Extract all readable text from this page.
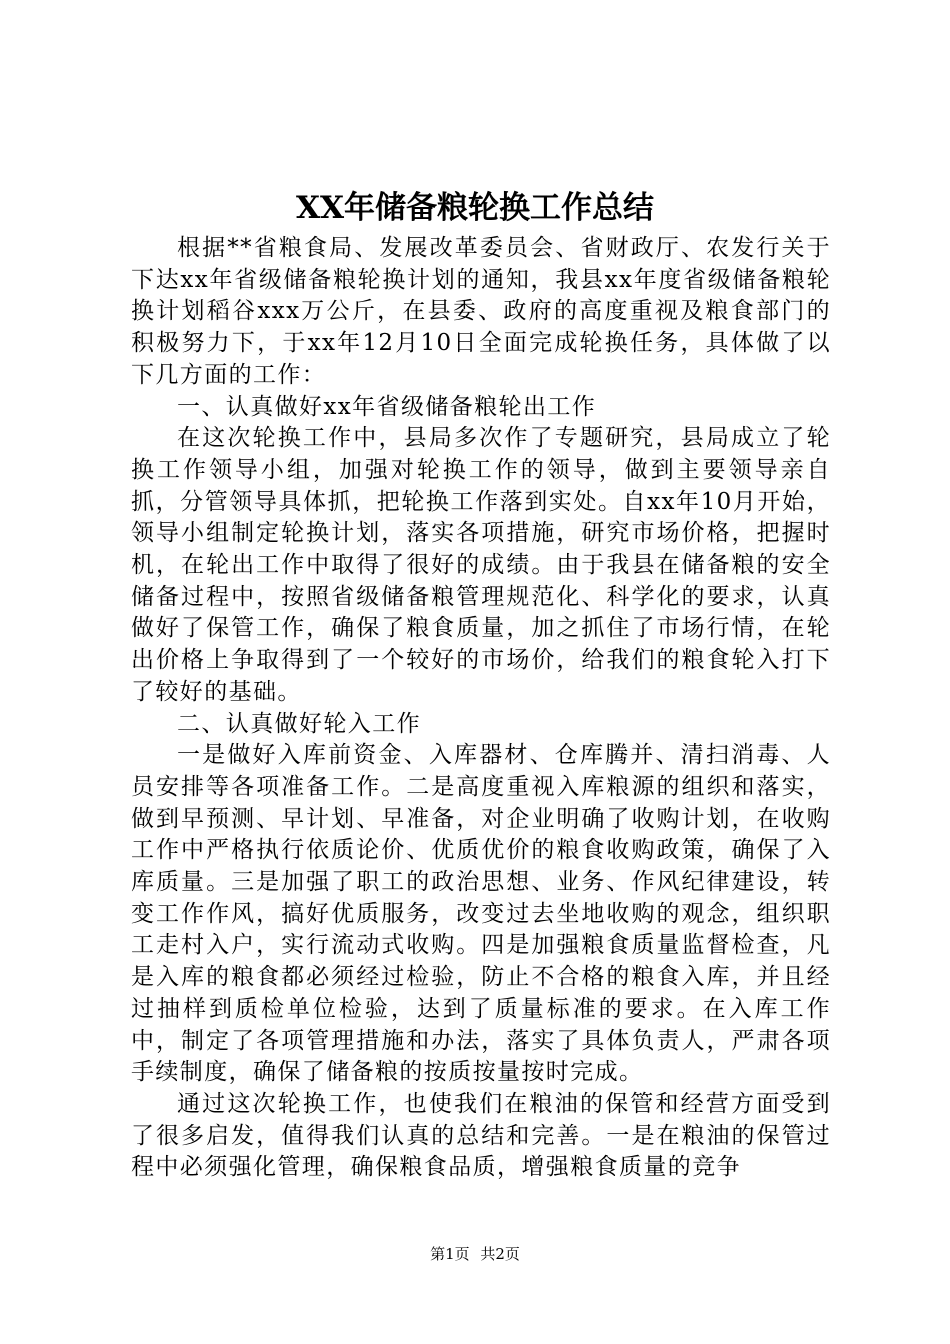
XX年储备粮轮换工作总结

根据**省粮食局、发展改革委员会、省财政厅、农发行关于下达xx年省级储备粮轮换计划的通知，我县xx年度省级储备粮轮换计划稻谷xxx万公斤，在县委、政府的高度重视及粮食部门的积极努力下，于xx年12月10日全面完成轮换任务，具体做了以下几方面的工作：

一、认真做好xx年省级储备粮轮出工作

在这次轮换工作中，县局多次作了专题研究，县局成立了轮换工作领导小组，加强对轮换工作的领导，做到主要领导亲自抓，分管领导具体抓，把轮换工作落到实处。自xx年10月开始，领导小组制定轮换计划，落实各项措施，研究市场价格，把握时机，在轮出工作中取得了很好的成绩。由于我县在储备粮的安全储备过程中，按照省级储备粮管理规范化、科学化的要求，认真做好了保管工作，确保了粮食质量，加之抓住了市场行情，在轮出价格上争取得到了一个较好的市场价，给我们的粮食轮入打下了较好的基础。

二、认真做好轮入工作

一是做好入库前资金、入库器材、仓库腾并、清扫消毒、人员安排等各项准备工作。二是高度重视入库粮源的组织和落实，做到早预测、早计划、早准备，对企业明确了收购计划，在收购工作中严格执行依质论价、优质优价的粮食收购政策，确保了入库质量。三是加强了职工的政治思想、业务、作风纪律建设，转变工作作风，搞好优质服务，改变过去坐地收购的观念，组织职工走村入户，实行流动式收购。四是加强粮食质量监督检查，凡是入库的粮食都必须经过检验，防止不合格的粮食入库，并且经过抽样到质检单位检验，达到了质量标准的要求。在入库工作中，制定了各项管理措施和办法，落实了具体负责人，严肃各项手续制度，确保了储备粮的按质按量按时完成。

通过这次轮换工作，也使我们在粮油的保管和经营方面受到了很多启发，值得我们认真的总结和完善。一是在粮油的保管过程中必须强化管理，确保粮食品质，增强粮食质量的竞争

第1页 共2页
